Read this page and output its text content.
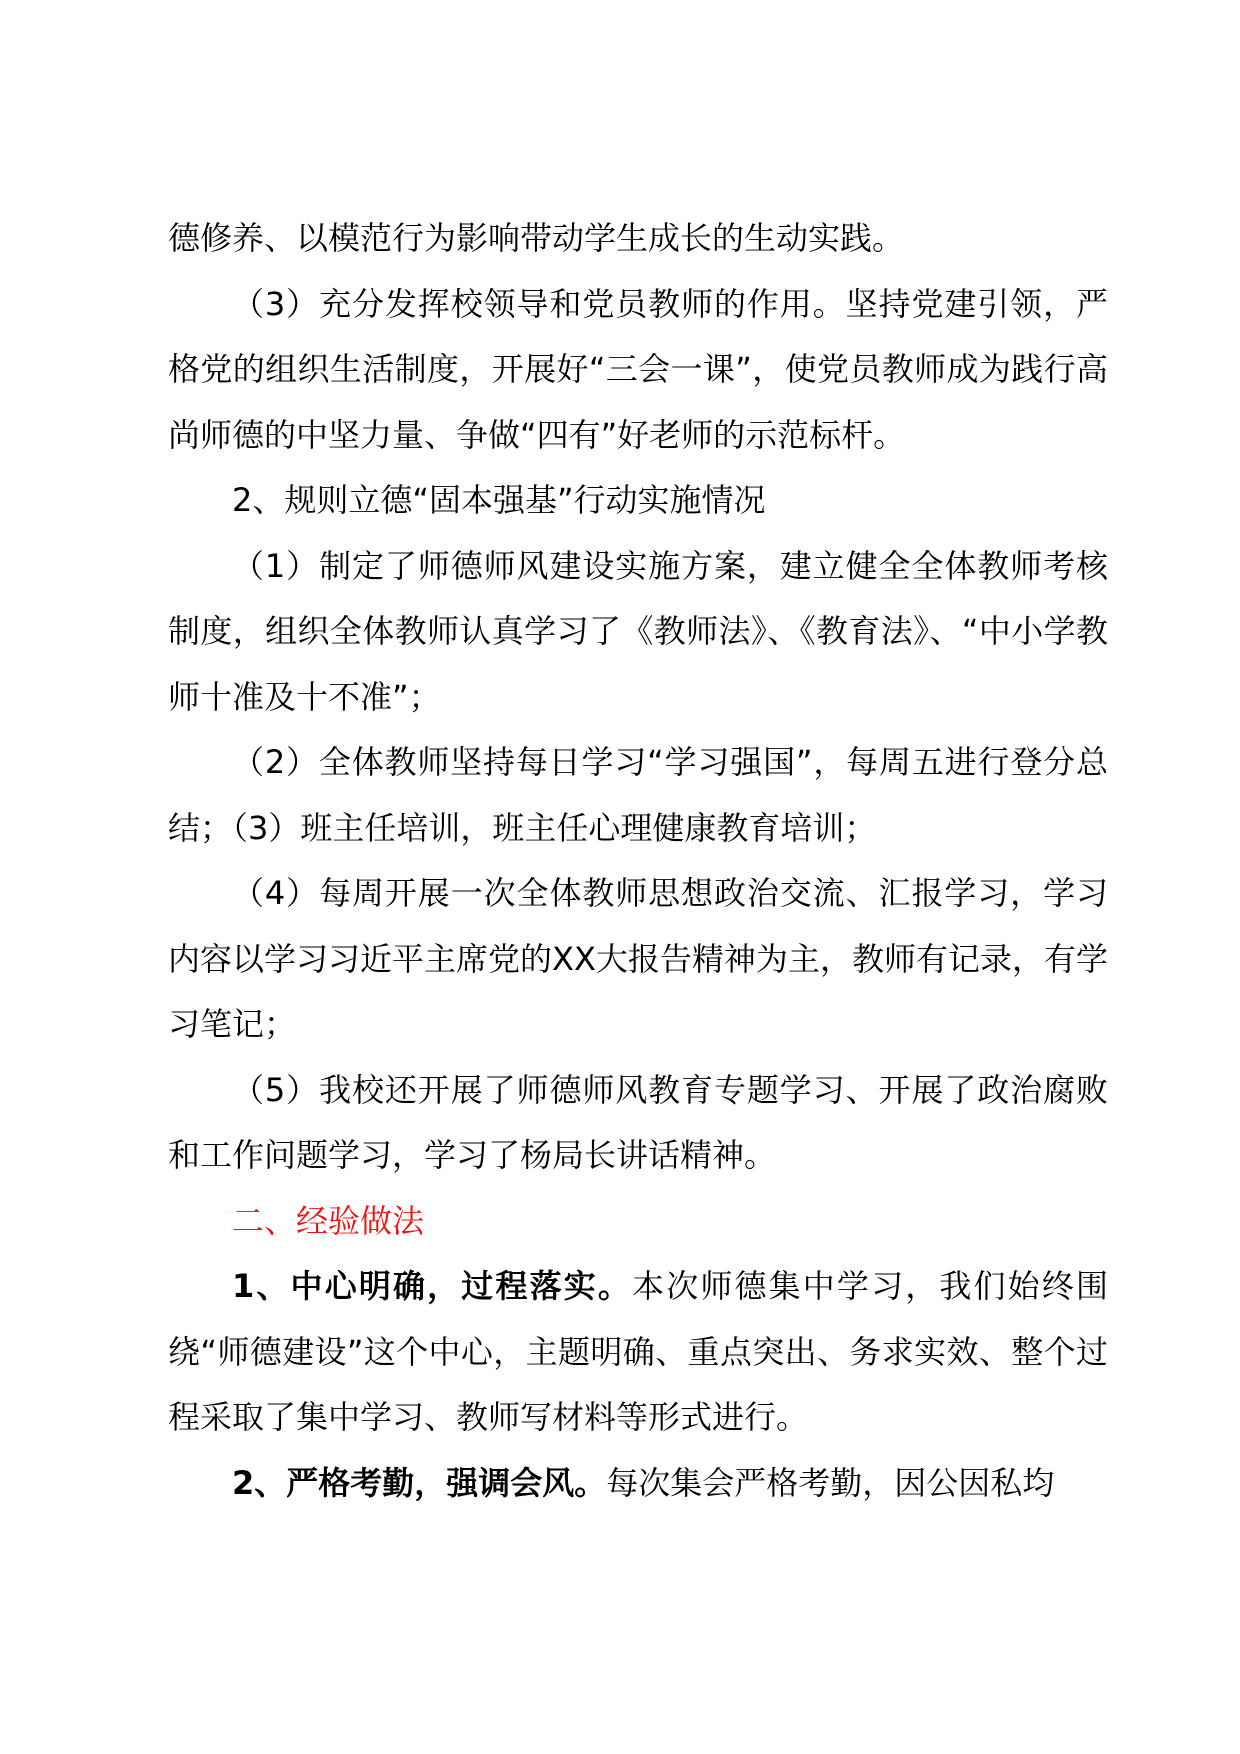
德修养、以模范行为影响带动学生成长的生动实践。

（3）充分发挥校领导和党员教师的作用。坚持党建引领，严格党的组织生活制度，开展好“三会一课”，使党员教师成为践行高尚师德的中坚力量、争做“四有”好老师的示范标杆。

2、规则立德“固本强基”行动实施情况

（1）制定了师德师风建设实施方案，建立健全全体教师考核制度，组织全体教师认真学习了《教师法》、《教育法》、“中小学教师十准及十不准”；

（2）全体教师坚持每日学习“学习强国”，每周五进行登分总结；（3）班主任培训，班主任心理健康教育培训；

（4）每周开展一次全体教师思想政治交流、汇报学习，学习内容以学习习近平主席党的XX大报告精神为主，教师有记录，有学习笔记；

（5）我校还开展了师德师风教育专题学习、开展了政治腐败和工作问题学习，学习了杨局长讲话精神。

二、经验做法

1、中心明确，过程落实。本次师德集中学习，我们始终围绕“师德建设”这个中心，主题明确、重点突出、务求实效、整个过程采取了集中学习、教师写材料等形式进行。

2、严格考勤，强调会风。每次集会严格考勤，因公因私均
